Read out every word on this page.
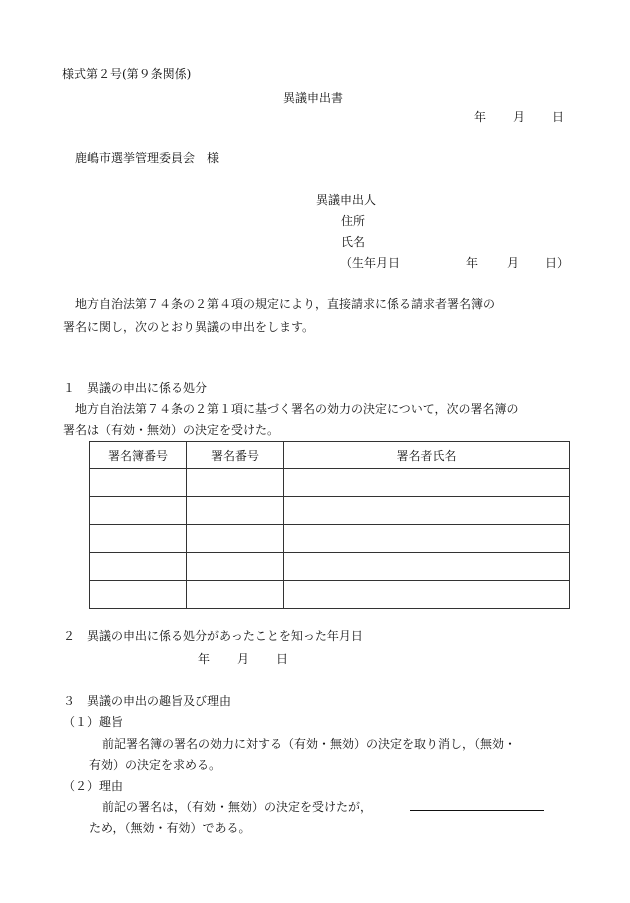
様式第２号(第９条関係)
異議申出書
年 月 日
鹿嶋市選挙管理委員会　様
異議申出人
住所
氏名
（生年月日	年 月 日）
　地方自治法第７４条の２第４項の規定により，直接請求に係る請求者署名簿の
署名に関し，次のとおり異議の申出をします。
１　異議の申出に係る処分
　地方自治法第７４条の２第１項に基づく署名の効力の決定について，次の署名簿の
署名は（有効・無効）の決定を受けた。
署名簿番号	署名番号	署名者氏名

２　異議の申出に係る処分があったことを知った年月日
年 月 日
３　異議の申出の趣旨及び理由
（１）趣旨
前記署名簿の署名の効力に対する（有効・無効）の決定を取り消し，（無効・
有効）の決定を求める。
（２）理由
前記の署名は，（有効・無効）の決定を受けたが，
ため，（無効・有効）である。
